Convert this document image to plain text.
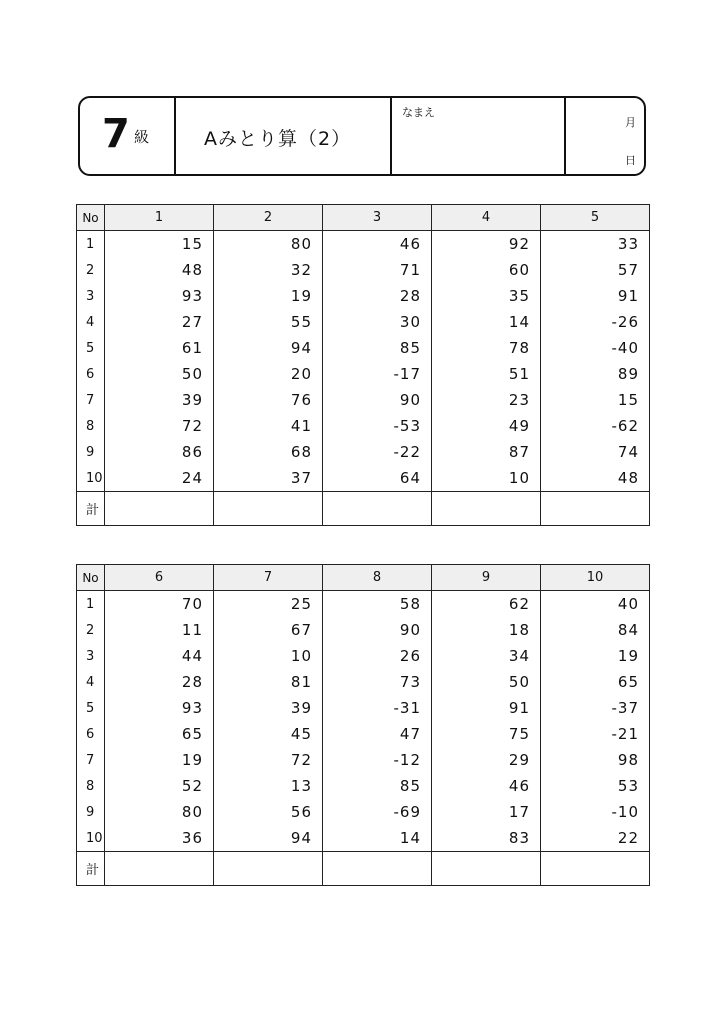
7 級	Aみとり算（2）
なまえ
月
日
No	1	2	3	4	5
1	15	80	46	92	33
2	48	32	71	60	57
3	93	19	28	35	91
4	27	55	30	14	-26
5	61	94	85	78	-40
6	50	20	-17	51	89
7	39	76	90	23	15
8	72	41	-53	49	-62
9	86	68	-22	87	74
10	24	37	64	10	48
計					
No	6	7	8	9	10
1	70	25	58	62	40
2	11	67	90	18	84
3	44	10	26	34	19
4	28	81	73	50	65
5	93	39	-31	91	-37
6	65	45	47	75	-21
7	19	72	-12	29	98
8	52	13	85	46	53
9	80	56	-69	17	-10
10	36	94	14	83	22
計					
